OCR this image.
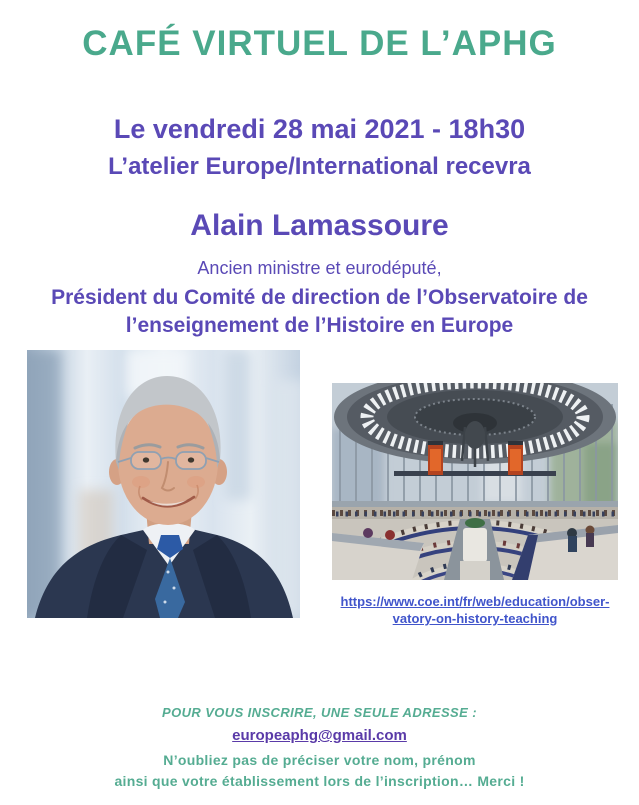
CAFÉ VIRTUEL DE L’APHG
Le vendredi 28 mai 2021 - 18h30
L’atelier Europe/International recevra
Alain Lamassoure
Ancien ministre et eurodéputé,
Président du Comité de direction de l’Observatoire de
l’enseignement de l’Histoire en Europe
https://www.coe.int/fr/web/education/obser-
vatory-on-history-teaching
POUR VOUS INSCRIRE, UNE SEULE ADRESSE :
europeaphg@gmail.com
N’oubliez pas de préciser votre nom, prénom
ainsi que votre établissement lors de l’inscription… Merci !
